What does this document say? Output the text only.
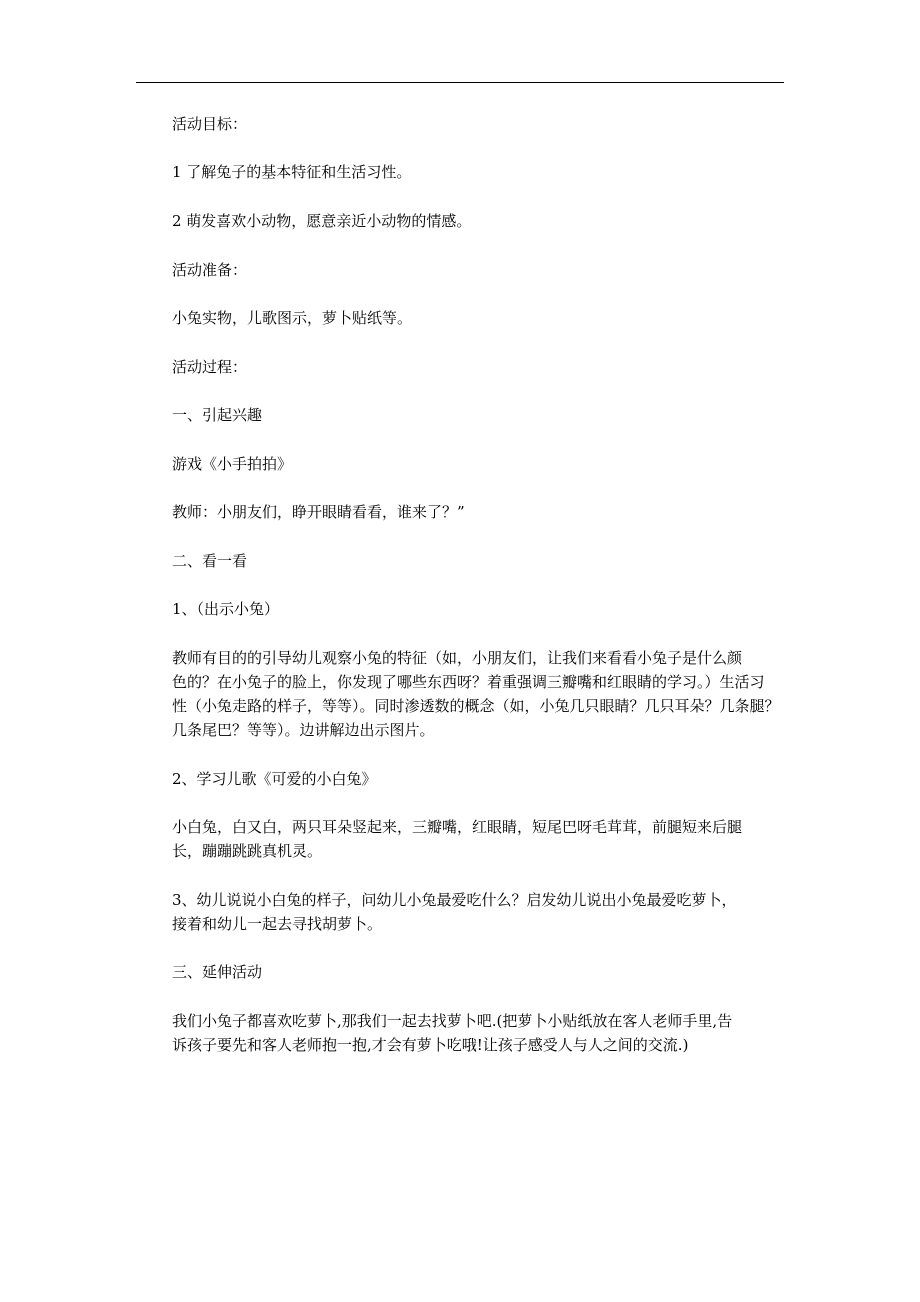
活动目标：
1 了解兔子的基本特征和生活习性。
2 萌发喜欢小动物，愿意亲近小动物的情感。
活动准备：
小兔实物，儿歌图示，萝卜贴纸等。
活动过程：
一、引起兴趣
游戏《小手拍拍》
教师：小朋友们，睁开眼睛看看，谁来了？”
二、看一看
1、（出示小兔）
教师有目的的引导幼儿观察小兔的特征（如，小朋友们，让我们来看看小兔子是什么颜
色的？在小兔子的脸上，你发现了哪些东西呀？着重强调三瓣嘴和红眼睛的学习。）生活习
性（小兔走路的样子，等等）。同时渗透数的概念（如，小兔几只眼睛？几只耳朵？几条腿？
几条尾巴？等等）。边讲解边出示图片。
2、学习儿歌《可爱的小白兔》
小白兔，白又白，两只耳朵竖起来，三瓣嘴，红眼睛，短尾巴呀毛茸茸，前腿短来后腿
长，蹦蹦跳跳真机灵。
3、幼儿说说小白兔的样子，问幼儿小兔最爱吃什么？启发幼儿说出小兔最爱吃萝卜，
接着和幼儿一起去寻找胡萝卜。
三、延伸活动
我们小兔子都喜欢吃萝卜,那我们一起去找萝卜吧.(把萝卜小贴纸放在客人老师手里,告
诉孩子要先和客人老师抱一抱,才会有萝卜吃哦!让孩子感受人与人之间的交流.)
